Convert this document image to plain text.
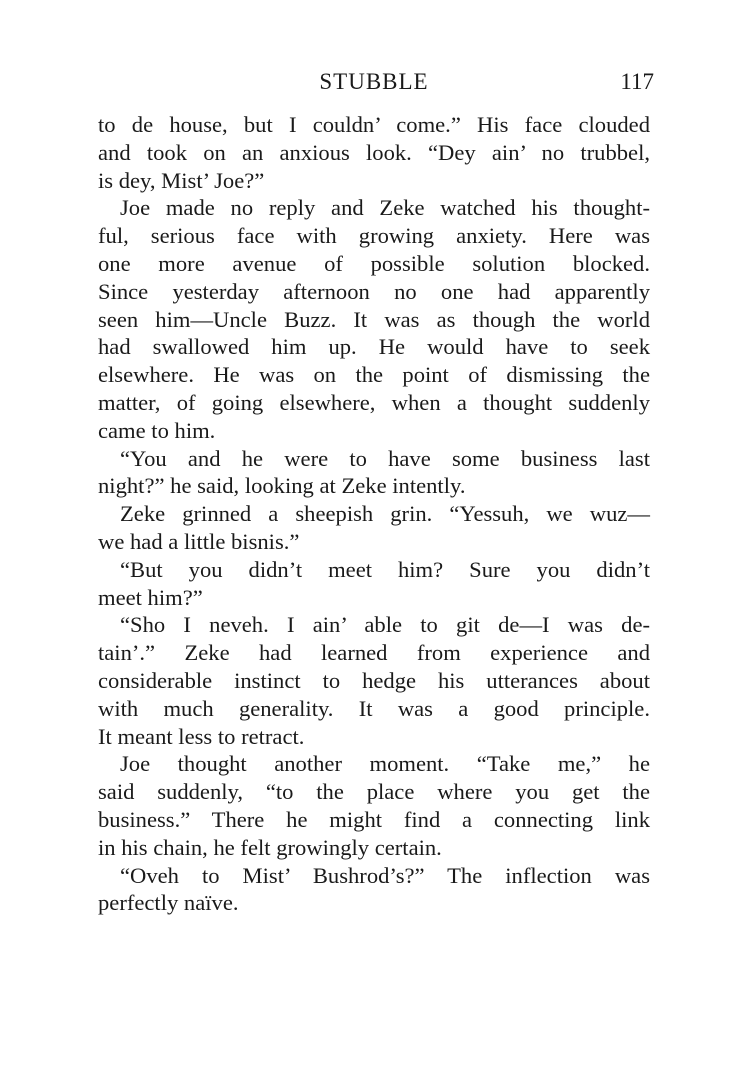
STUBBLE	117
to de house, but I couldn’ come.” His face clouded
and took on an anxious look. “Dey ain’ no trubbel,
is dey, Mist’ Joe?”
Joe made no reply and Zeke watched his thought-
ful, serious face with growing anxiety. Here was
one more avenue of possible solution blocked.
Since yesterday afternoon no one had apparently
seen him—Uncle Buzz. It was as though the world
had swallowed him up. He would have to seek
elsewhere. He was on the point of dismissing the
matter, of going elsewhere, when a thought suddenly
came to him.
“You and he were to have some business last
night?” he said, looking at Zeke intently.
Zeke grinned a sheepish grin. “Yessuh, we wuz—
we had a little bisnis.”
“But you didn’t meet him? Sure you didn’t
meet him?”
“Sho I neveh. I ain’ able to git de—I was de-
tain’.” Zeke had learned from experience and
considerable instinct to hedge his utterances about
with much generality. It was a good principle.
It meant less to retract.
Joe thought another moment. “Take me,” he
said suddenly, “to the place where you get the
business.” There he might find a connecting link
in his chain, he felt growingly certain.
“Oveh to Mist’ Bushrod’s?” The inflection was
perfectly naïve.
